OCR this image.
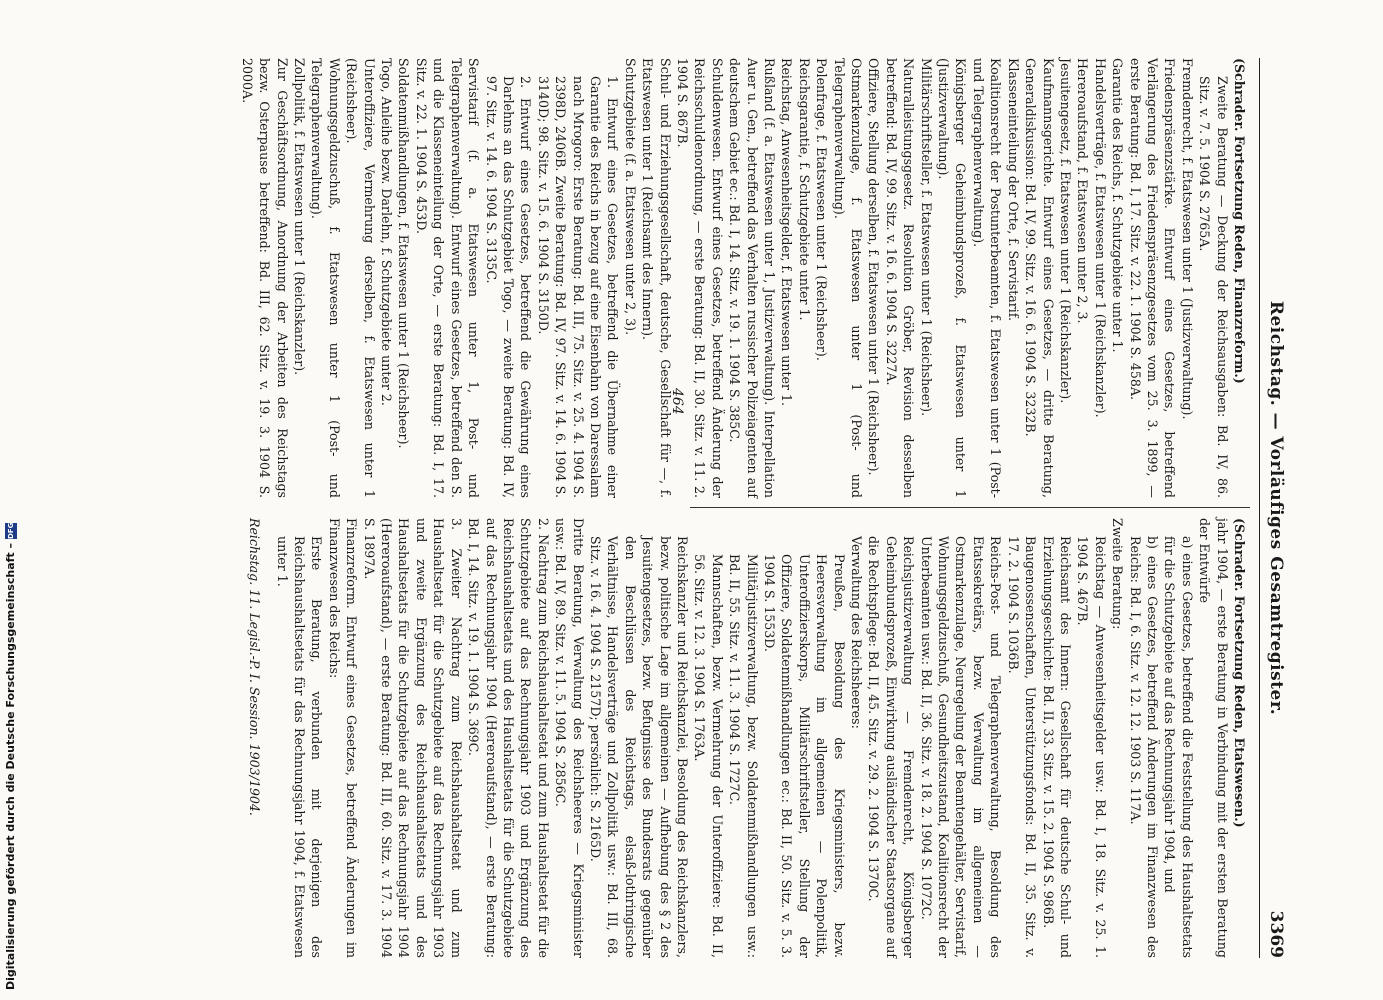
Reichstag. — Vorläufiges Gesamtregister.
3369

(Schrader. Fortsetzung Reden, Finanzreform.)

Zweite Beratung — Deckung der Reichsausgaben: Bd. IV, 86. Sitz. v. 7. 5. 1904 S. 2765A.

Fremdenrecht, f. Etatswesen unter 1 (Justizverwaltung).

Friedenspräsenzstärke. Entwurf eines Gesetzes, betreffend Verlängerung des Friedenspräsenzgesetzes vom 25. 3. 1899, — erste Beratung: Bd. I, 17. Sitz. v. 22. 1. 1904 S. 458A.

Garantie des Reichs, f. Schutzgebiete unter 1.

Handelsverträge, f. Etatswesen unter 1 (Reichskanzler).

Hereroaufstand, f. Etatswesen unter 2, 3.

Jesuitengesetz, f. Etatswesen unter 1 (Reichskanzler).

Kaufmannsgerichte. Entwurf eines Gesetzes, — dritte Beratung, Generaldiskussion: Bd. IV, 99. Sitz. v. 16. 6. 1904 S. 3232B.

Klasseneinteilung der Orte, f. Servistarif.

Koalitionsrecht der Postunterbeamten, f. Etatswesen unter 1 (Post- und Telegraphenverwaltung).

Königsberger Geheimbundsprozeß, f. Etatswesen unter 1 (Justizverwaltung).

Militärschriftsteller, f. Etatswesen unter 1 (Reichsheer).

Naturalleistungsgesetz. Resolution Gröber, Revision desselben betreffend: Bd. IV, 99. Sitz. v. 16. 6. 1904 S. 3227A.

Offiziere, Stellung derselben, f. Etatswesen unter 1 (Reichsheer).

Ostmarkenzulage, f. Etatswesen unter 1 (Post- und Telegraphenverwaltung).

Polenfrage, f. Etatswesen unter 1 (Reichsheer).

Reichsgarantie, f. Schutzgebiete unter 1.

Reichstag, Anwesenheitsgelder, f. Etatswesen unter 1.

Rußland (f. a. Etatswesen unter 1, Justizverwaltung). Interpellation Auer u. Gen., betreffend das Verhalten russischer Polizeiagenten auf deutschem Gebiet ec.: Bd. I, 14. Sitz. v. 19. 1. 1904 S. 385C.

Schuldenwesen. Entwurf eines Gesetzes, betreffend Änderung der Reichsschuldenordnung, — erste Beratung: Bd. II, 30. Sitz. v. 11. 2. 1904 S. 867B.

Schul- und Erziehungsgesellschaft, deutsche, Gesellschaft für —, f. Etatswesen unter 1 (Reichsamt des Innern).

Schutzgebiete (f. a. Etatswesen unter 2, 3).

1. Entwurf eines Gesetzes, betreffend die Übernahme einer Garantie des Reichs in bezug auf eine Eisenbahn von Daressalam nach Mrogoro: Erste Beratung: Bd. III, 75. Sitz. v. 25. 4. 1904 S. 2398D, 2406B. Zweite Beratung: Bd. IV, 97. Sitz. v. 14. 6. 1904 S. 3140D; 98. Sitz. v. 15. 6. 1904 S. 3150D.

2. Entwurf eines Gesetzes, betreffend die Gewährung eines Darlehns an das Schutzgebiet Togo, — zweite Beratung: Bd. IV, 97. Sitz. v. 14. 6. 1904 S. 3135C.

Servistarif (f. a. Etatswesen unter 1, Post- und Telegraphenverwaltung). Entwurf eines Gesetzes, betreffend den S. und die Klasseneinteilung der Orte, — erste Beratung: Bd. I, 17. Sitz. v. 22. 1. 1904 S. 453D.

Soldatenmißhandlungen, f. Etatswesen unter 1 (Reichsheer).

Togo, Anleihe bezw. Darlehn, f. Schutzgebiete unter 2.

Unteroffiziere, Vermehrung derselben, f. Etatswesen unter 1 (Reichsheer).

Wohnungsgeldzuschuß, f. Etatswesen unter 1 (Post- und Telegraphenverwaltung).

Zollpolitik, f. Etatswesen unter 1 (Reichskanzler).

Zur Geschäftsordnung, Anordnung der Arbeiten des Reichstags bezw. Osterpause betreffend: Bd. III, 62. Sitz. v. 19. 3. 1904 S. 2000A.

(Schrader. Fortsetzung Reden, Etatswesen.)

jahr 1904, — erste Beratung in Verbindung mit der ersten Beratung der Entwürfe

a) eines Gesetzes, betreffend die Feststellung des Haushaltsetats für die Schutzgebiete auf das Rechnungsjahr 1904, und

b) eines Gesetzes, betreffend Änderungen im Finanzwesen des Reichs: Bd. I, 6. Sitz. v. 12. 12. 1903 S. 117A.

Zweite Beratung:

Reichstag — Anwesenheitsgelder usw.: Bd. I, 18. Sitz. v. 25. 1. 1904 S. 467B.

Reichsamt des Innern: Gesellschaft für deutsche Schul- und Erziehungsgeschichte: Bd. II, 33. Sitz. v. 15. 2. 1904 S. 986B.

Baugenossenschaften, Unterstützungsfonds: Bd. II, 35. Sitz. v. 17. 2. 1904 S. 1036B.

Reichs-Post- und Telegraphenverwaltung, Besoldung des Etatssekretärs, bezw. Verwaltung im allgemeinen — Ostmarkenzulage, Neuregelung der Beamtengehälter, Servistarif, Wohnungsgeldzuschuß, Gesundheitszustand, Koalitionsrecht der Unterbeamten usw.: Bd. II, 36. Sitz. v. 18. 2. 1904 S. 1072C.

Reichsjustizverwaltung — Fremdenrecht, Königsberger Geheimbundsprozeß, Einwirkung ausländischer Staatsorgane auf die Rechtspflege: Bd. II, 45. Sitz. v. 29. 2. 1904 S. 1370C.

Verwaltung des Reichsheeres:

Preußen, Besoldung des Kriegsministers, bezw. Heeresverwaltung im allgemeinen — Polenpolitik, Unteroffizierskorps, Militärschriftsteller, Stellung der Offiziere, Soldatenmißhandlungen ec.: Bd. II, 50. Sitz. v. 5. 3. 1904 S. 1553D.

Militärjustizverwaltung, bezw. Soldatenmißhandlungen usw.: Bd. II, 55. Sitz. v. 11. 3. 1904 S. 1727C.

Mannschaften, bezw. Vermehrung der Unteroffiziere: Bd. II, 56. Sitz. v. 12. 3. 1904 S. 1763A.

Reichskanzler und Reichskanzlei, Besoldung des Reichskanzlers, bezw. politische Lage im allgemeinen — Aufhebung des § 2 des Jesuitengesetzes, bezw. Befugnisse des Bundesrats gegenüber den Beschlüssen des Reichstags, elsaß-lothringische Verhältnisse, Handelsverträge und Zollpolitik usw.: Bd. III, 68. Sitz. v. 16. 4. 1904 S. 2157D; persönlich: S. 2165D.

Dritte Beratung, Verwaltung des Reichsheeres — Kriegsminister usw.: Bd. IV, 89. Sitz. v. 11. 5. 1904 S. 2856C.

2. Nachtrag zum Reichshaushaltsetat und zum Haushaltsetat für die Schutzgebiete auf das Rechnungsjahr 1903 und Ergänzung des Reichshaushaltsetats und des Haushaltsetats für die Schutzgebiete auf das Rechnungsjahr 1904 (Hereroaufstand), — erste Beratung: Bd. I, 14. Sitz. v. 19. 1. 1904 S. 369C.

3. Zweiter Nachtrag zum Reichshaushaltsetat und zum Haushaltsetat für die Schutzgebiete auf das Rechnungsjahr 1903 und zweite Ergänzung des Reichshaushaltsetats und des Haushaltsetats für die Schutzgebiete auf das Rechnungsjahr 1904 (Hereroaufstand), — erste Beratung: Bd. III, 60. Sitz. v. 17. 3. 1904 S. 1897A.

Finanzreform. Entwurf eines Gesetzes, betreffend Änderungen im Finanzwesen des Reichs:

Erste Beratung, verbunden mit derjenigen des Reichshaushaltsetats für das Rechnungsjahr 1904, f. Etatswesen unter 1.

Reichstag. 11. Legisl.-P. I. Session. 1903/1904.

464
Digitalisierung gefördert durch die Deutsche Forschungsgemeinschaft –DFG
